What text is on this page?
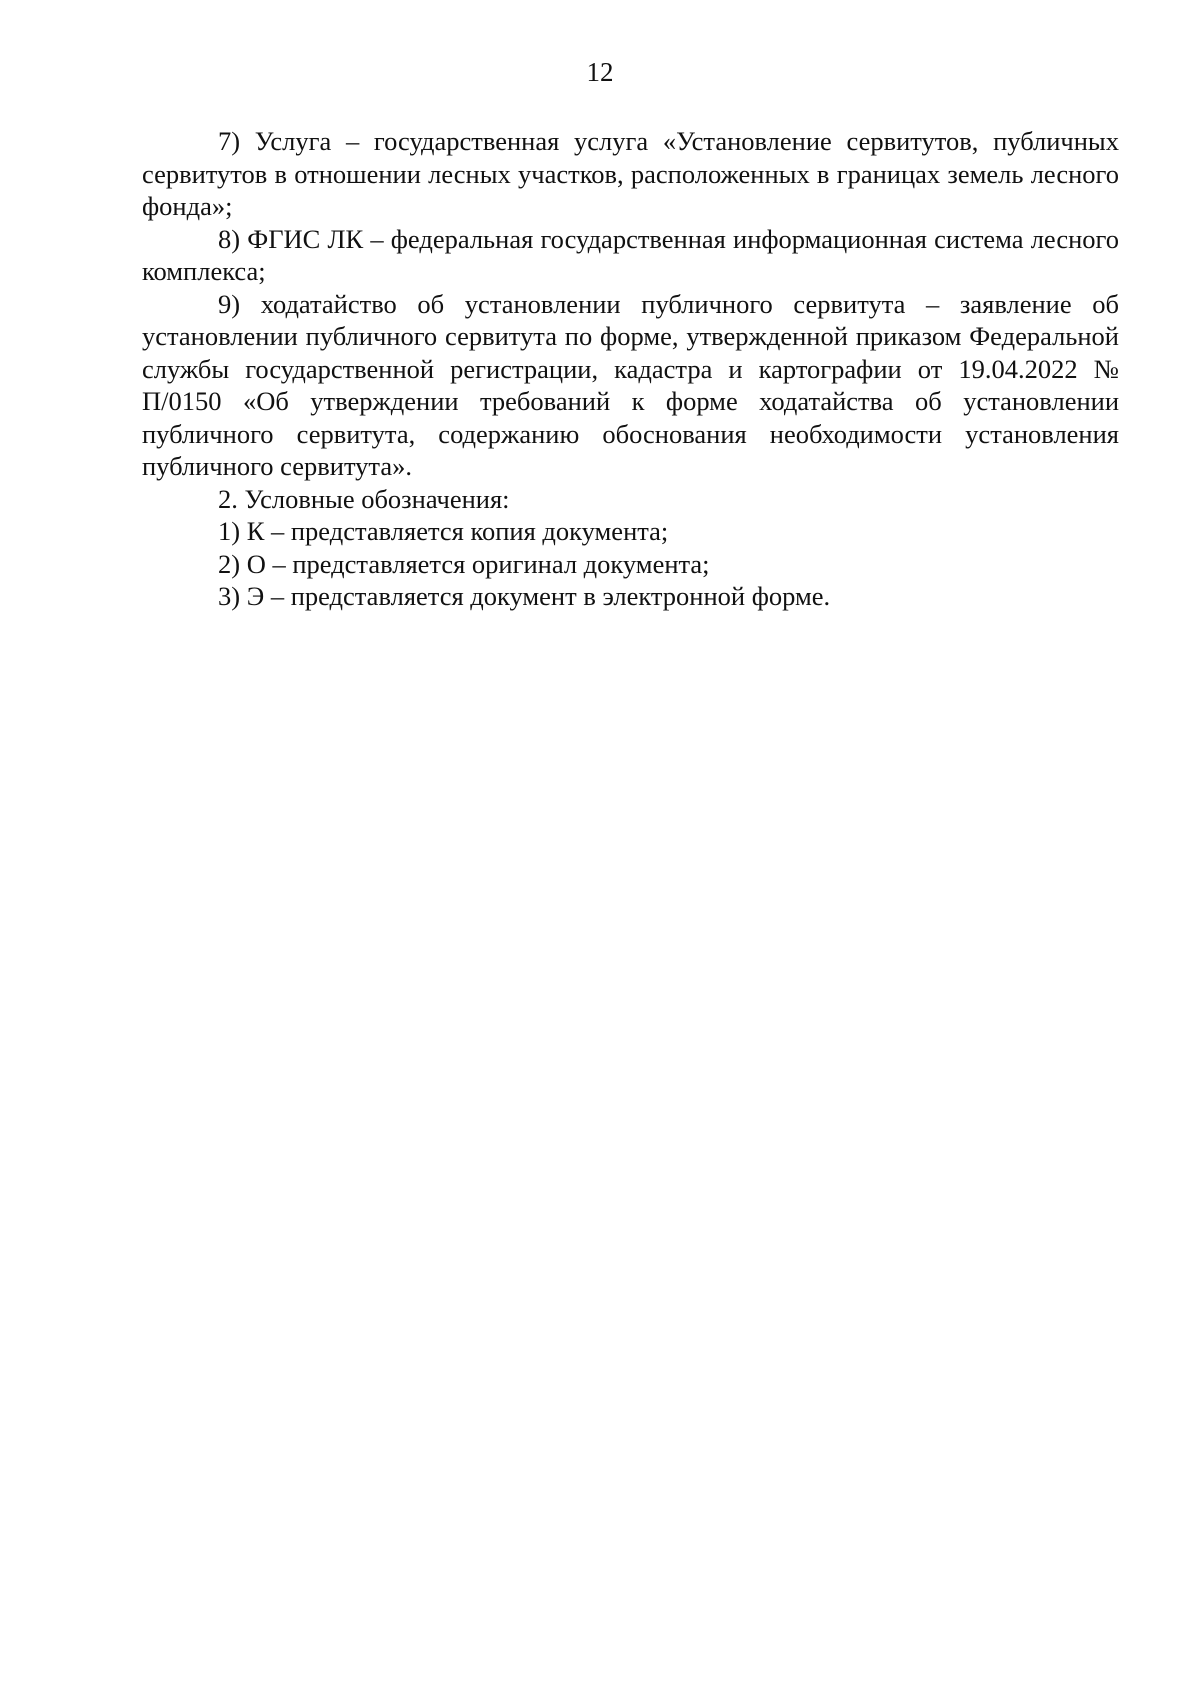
12

7) Услуга – государственная услуга «Установление сервитутов, публичных сервитутов в отношении лесных участков, расположенных в границах земель лесного фонда»;

8) ФГИС ЛК – федеральная государственная информационная система лесного комплекса;

9) ходатайство об установлении публичного сервитута – заявление об установлении публичного сервитута по форме, утвержденной приказом Федеральной службы государственной регистрации, кадастра и картографии от 19.04.2022 № П/0150 «Об утверждении требований к форме ходатайства об установлении публичного сервитута, содержанию обоснования необходимости установления публичного сервитута».

2. Условные обозначения:

1) К – представляется копия документа;

2) О – представляется оригинал документа;

3) Э – представляется документ в электронной форме.
